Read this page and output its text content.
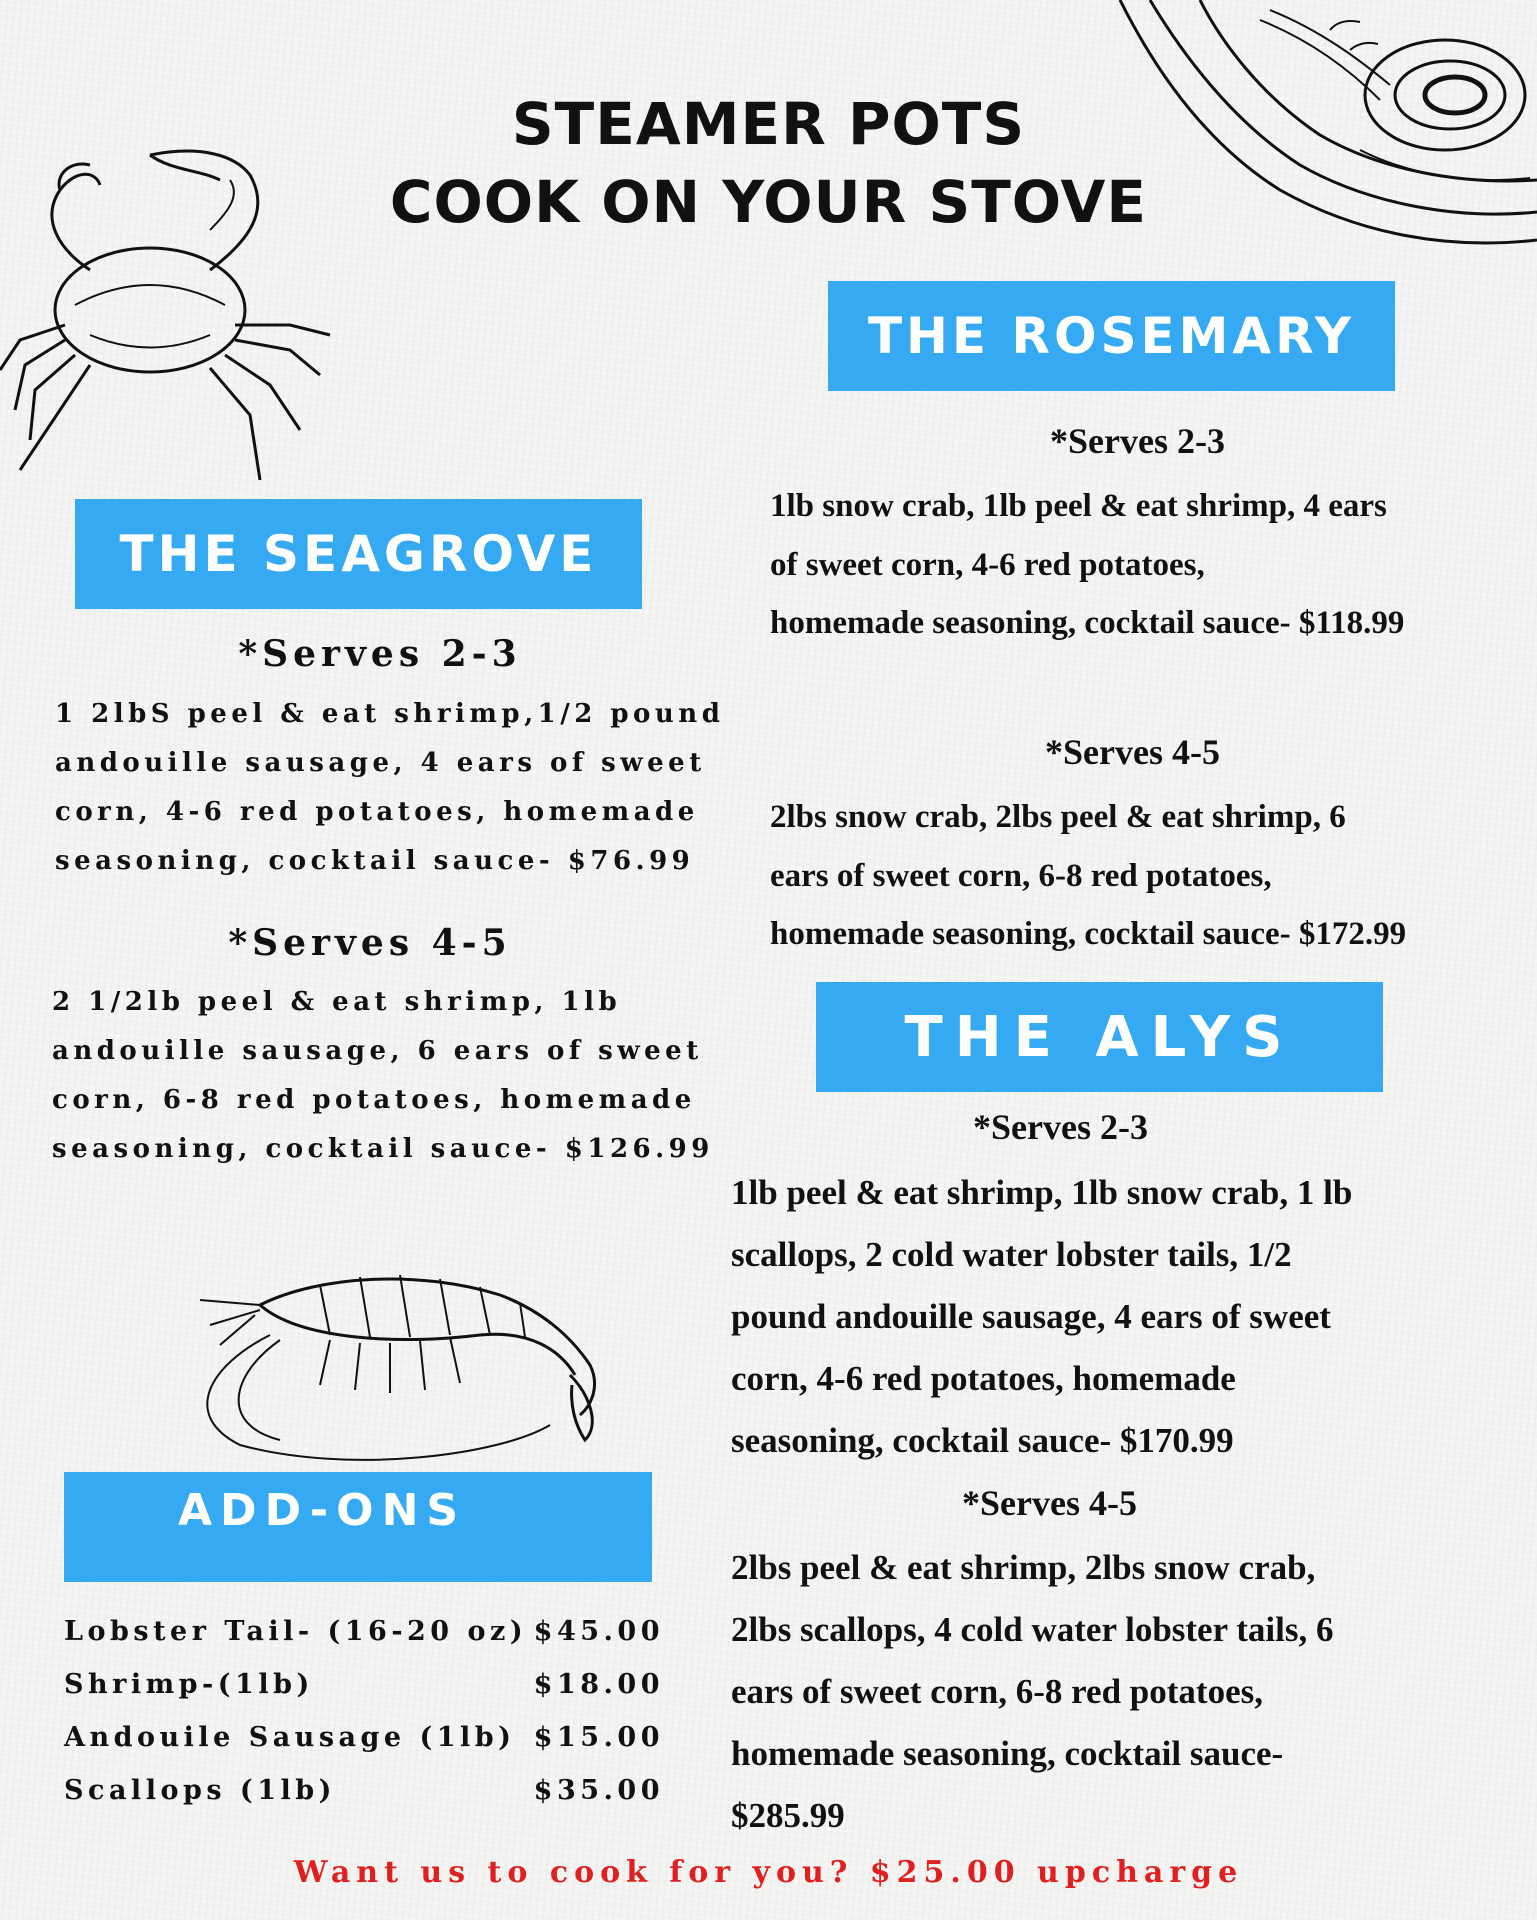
STEAMER POTS
COOK ON YOUR STOVE
THE ROSEMARY
*Serves 2-3
1lb snow crab, 1lb peel & eat shrimp, 4 ears
of sweet corn, 4-6 red potatoes,
homemade seasoning, cocktail sauce- $118.99
*Serves 4-5
2lbs snow crab, 2lbs peel & eat shrimp, 6
ears of sweet corn, 6-8 red potatoes,
homemade seasoning, cocktail sauce- $172.99
THE SEAGROVE
*Serves 2-3
1 2lbS peel & eat shrimp,1/2 pound
andouille sausage, 4 ears of sweet
corn, 4-6 red potatoes, homemade
seasoning, cocktail sauce- $76.99
*Serves 4-5
2 1/2lb peel & eat shrimp, 1lb
andouille sausage, 6 ears of sweet
corn, 6-8 red potatoes, homemade
seasoning, cocktail sauce- $126.99
THE ALYS
*Serves 2-3
1lb peel & eat shrimp, 1lb snow crab, 1 lb
scallops, 2 cold water lobster tails, 1/2
pound andouille sausage, 4 ears of sweet
corn, 4-6 red potatoes, homemade
seasoning, cocktail sauce- $170.99
*Serves 4-5
2lbs peel & eat shrimp, 2lbs snow crab,
2lbs scallops, 4 cold water lobster tails, 6
ears of sweet corn, 6-8 red potatoes,
homemade seasoning, cocktail sauce-
$285.99
ADD-ONS
Lobster Tail- (16-20 oz) $45.00
Shrimp-(1lb)	$18.00
Andouile Sausage (1lb) $15.00
Scallops (1lb)	$35.00
Want us to cook for you? $25.00 upcharge
